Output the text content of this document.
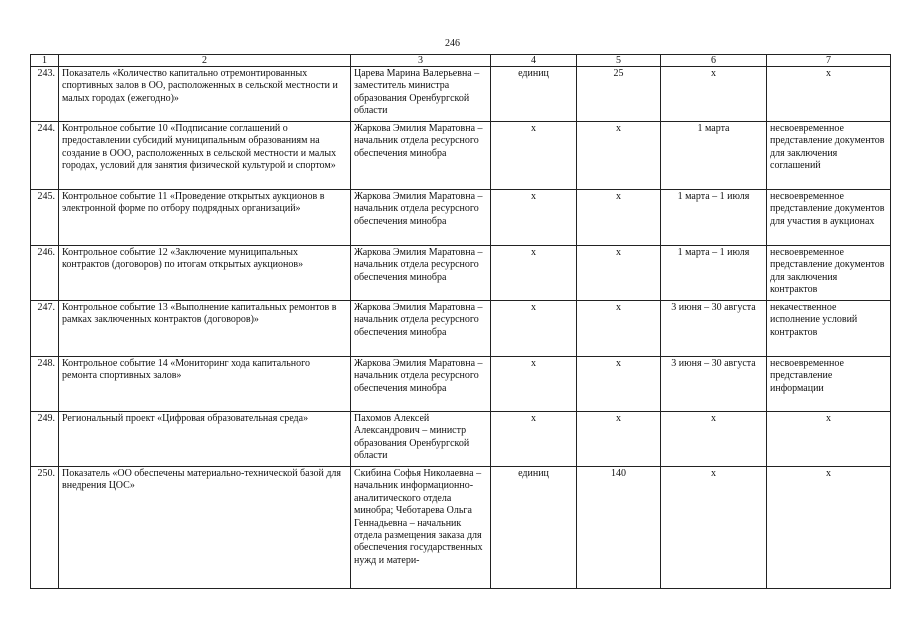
246
1	2	3	4	5	6	7
243.	Показатель «Количество капитально отремонтированных спортивных залов в ОО, расположенных в сельской местности и малых городах (ежегодно)»	Царева Марина Валерьевна – заместитель министра образования Оренбургской области	единиц	25	x	x
244.	Контрольное событие 10 «Подписание соглашений о предоставлении субсидий муниципальным образованиям на создание в ООО, расположенных в сельской местности и малых городах, условий для занятия физической культурой и спортом»	Жаркова Эмилия Маратовна – начальник отдела ресурсного обеспечения минобра	x	x	1 марта	несвоевременное представление документов для заключения соглашений
245.	Контрольное событие 11 «Проведение открытых аукционов в электронной форме по отбору подрядных организаций»	Жаркова Эмилия Маратовна – начальник отдела ресурсного обеспечения минобра	x	x	1 марта – 1 июля	несвоевременное представление документов для участия в аукционах
246.	Контрольное событие 12 «Заключение муниципальных контрактов (договоров) по итогам открытых аукционов»	Жаркова Эмилия Маратовна – начальник отдела ресурсного обеспечения минобра	x	x	1 марта – 1 июля	несвоевременное представление документов для заключения контрактов
247.	Контрольное событие 13 «Выполнение капитальных ремонтов в рамках заключенных контрактов (договоров)»	Жаркова Эмилия Маратовна – начальник отдела ресурсного обеспечения минобра	x	x	3 июня – 30 августа	некачественное исполнение условий контрактов
248.	Контрольное событие 14 «Мониторинг хода капитального ремонта спортивных залов»	Жаркова Эмилия Маратовна – начальник отдела ресурсного обеспечения минобра	x	x	3 июня – 30 августа	несвоевременное представление информации
249.	Региональный проект «Цифровая образовательная среда»	Пахомов Алексей Александрович – министр образования Оренбургской области	x	x	x	x
250.	Показатель «ОО обеспечены материально-технической базой для внедрения ЦОС»	Скибина Софья Николаевна – начальник информационно- аналитического отдела минобра; Чеботарева Ольга Геннадьевна – начальник отдела размещения заказа для обеспечения государственных нужд и матери-	единиц	140	x	x
